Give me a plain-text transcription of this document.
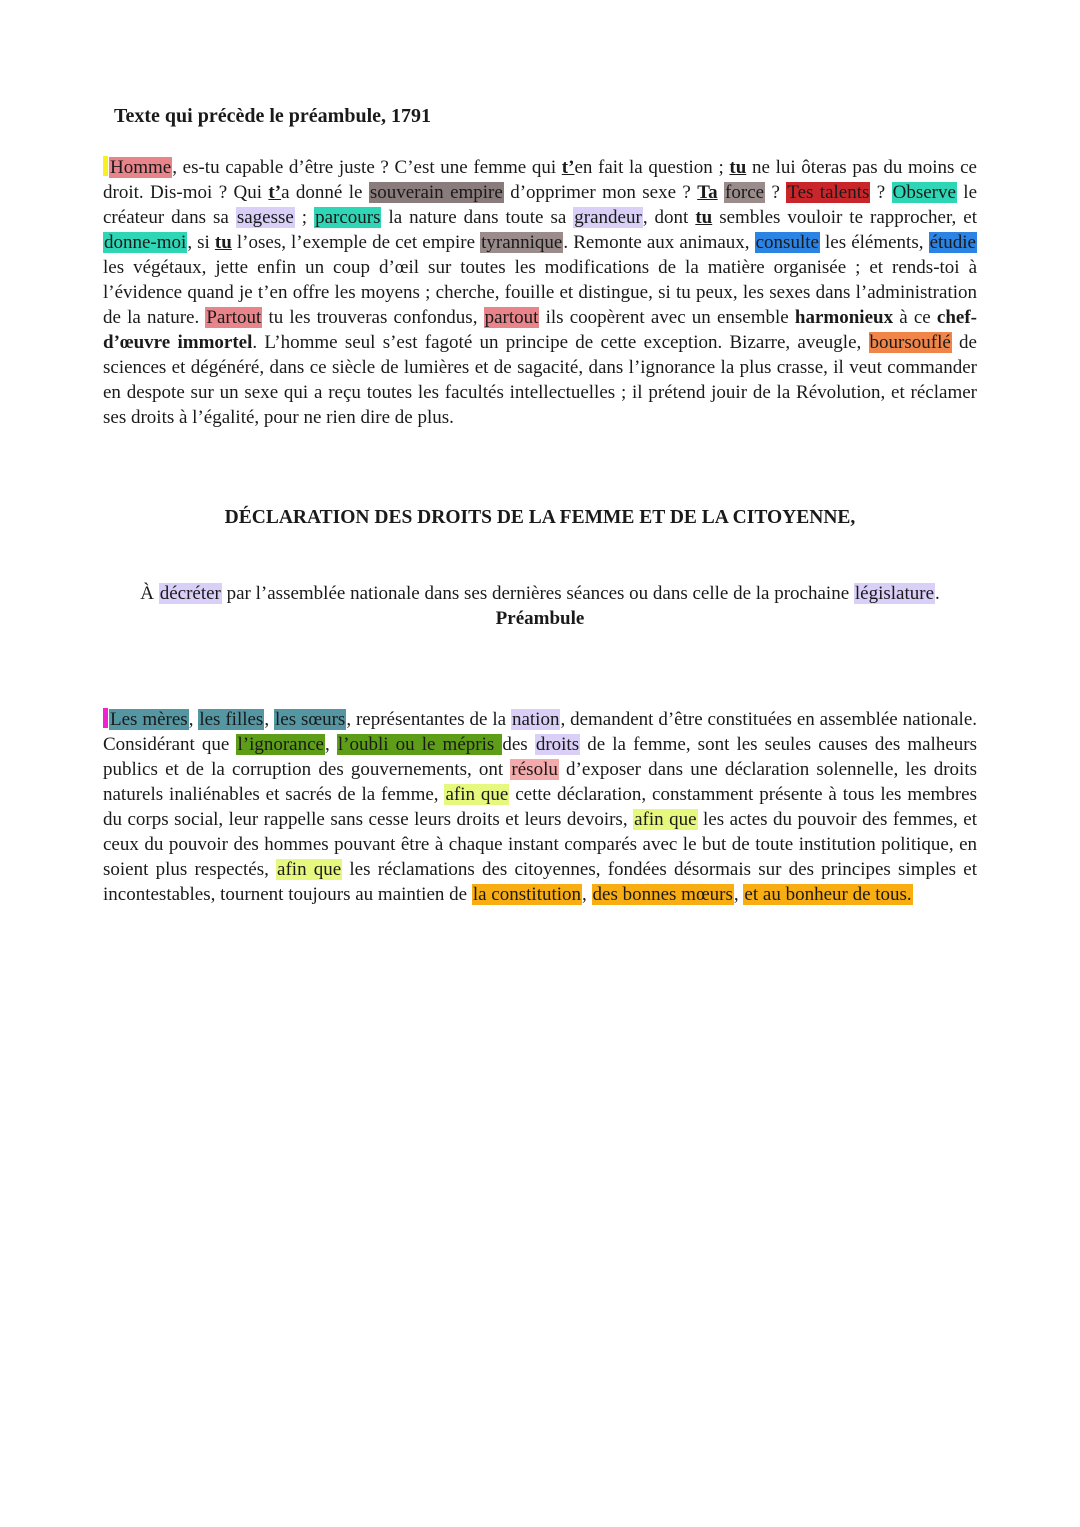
Texte qui précède le préambule, 1791

Homme, es-tu capable d’être juste ? C’est une femme qui t’en fait la question ; tu ne lui ôteras pas du moins ce droit. Dis-moi ? Qui t’a donné le souverain empire d’opprimer mon sexe ? Ta force ? Tes talents ? Observe le créateur dans sa sagesse ; parcours la nature dans toute sa grandeur, dont tu sembles vouloir te rapprocher, et donne-moi, si tu l’oses, l’exemple de cet empire tyrannique. Remonte aux animaux, consulte les éléments, étudie les végétaux, jette enfin un coup d’œil sur toutes les modifications de la matière organisée ; et rends-toi à l’évidence quand je t’en offre les moyens ; cherche, fouille et distingue, si tu peux, les sexes dans l’administration de la nature. Partout tu les trouveras confondus, partout ils coopèrent avec un ensemble harmonieux à ce chef-d’œuvre immortel. L’homme seul s’est fagoté un principe de cette exception. Bizarre, aveugle, boursouflé de sciences et dégénéré, dans ce siècle de lumières et de sagacité, dans l’ignorance la plus crasse, il veut commander en despote sur un sexe qui a reçu toutes les facultés intellectuelles ; il prétend jouir de la Révolution, et réclamer ses droits à l’égalité, pour ne rien dire de plus.

DÉCLARATION DES DROITS DE LA FEMME ET DE LA CITOYENNE,

À décréter par l’assemblée nationale dans ses dernières séances ou dans celle de la prochaine législature.
Préambule

Les mères, les filles, les sœurs, représentantes de la nation, demandent d’être constituées en assemblée nationale. Considérant que l’ignorance, l’oubli ou le mépris des droits de la femme, sont les seules causes des malheurs publics et de la corruption des gouvernements, ont résolu d’exposer dans une déclaration solennelle, les droits naturels inaliénables et sacrés de la femme, afin que cette déclaration, constamment présente à tous les membres du corps social, leur rappelle sans cesse leurs droits et leurs devoirs, afin que les actes du pouvoir des femmes, et ceux du pouvoir des hommes pouvant être à chaque instant comparés avec le but de toute institution politique, en soient plus respectés, afin que les réclamations des citoyennes, fondées désormais sur des principes simples et incontestables, tournent toujours au maintien de la constitution, des bonnes mœurs, et au bonheur de tous.
